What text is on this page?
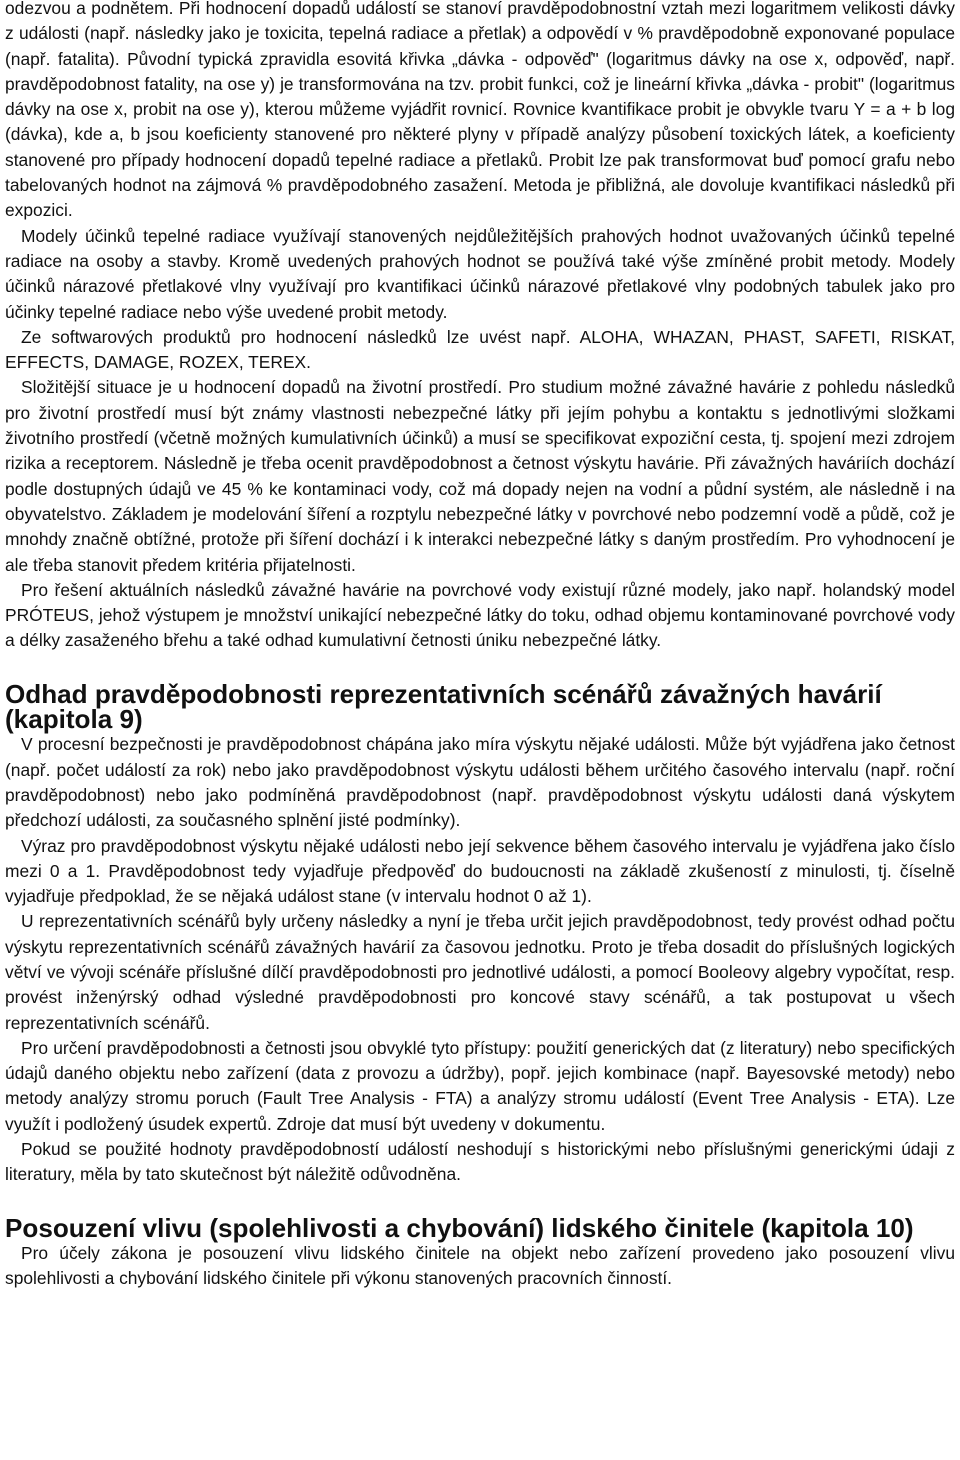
odezvou a podnětem. Při hodnocení dopadů událostí se stanoví pravděpodobnostní vztah mezi logaritmem velikosti dávky z události (např. následky jako je toxicita, tepelná radiace a přetlak) a odpovědí v % pravděpodobně exponované populace (např. fatalita). Původní typická zpravidla esovitá křivka „dávka - odpověď" (logaritmus dávky na ose x, odpověď, např. pravděpodobnost fatality, na ose y) je transformována na tzv. probit funkci, což je lineární křivka „dávka - probit" (logaritmus dávky na ose x, probit na ose y), kterou můžeme vyjádřit rovnicí. Rovnice kvantifikace probit je obvykle tvaru Y = a + b log (dávka), kde a, b jsou koeficienty stanovené pro některé plyny v případě analýzy působení toxických látek, a koeficienty stanovené pro případy hodnocení dopadů tepelné radiace a přetlaků. Probit lze pak transformovat buď pomocí grafu nebo tabelovaných hodnot na zájmová % pravděpodobného zasažení. Metoda je přibližná, ale dovoluje kvantifikaci následků při expozici.

Modely účinků tepelné radiace využívají stanovených nejdůležitějších prahových hodnot uvažovaných účinků tepelné radiace na osoby a stavby. Kromě uvedených prahových hodnot se používá také výše zmíněné probit metody. Modely účinků nárazové přetlakové vlny využívají pro kvantifikaci účinků nárazové přetlakové vlny podobných tabulek jako pro účinky tepelné radiace nebo výše uvedené probit metody.

Ze softwarových produktů pro hodnocení následků lze uvést např. ALOHA, WHAZAN, PHAST, SAFETI, RISKAT, EFFECTS, DAMAGE, ROZEX, TEREX.

Složitější situace je u hodnocení dopadů na životní prostředí. Pro studium možné závažné havárie z pohledu následků pro životní prostředí musí být známy vlastnosti nebezpečné látky při jejím pohybu a kontaktu s jednotlivými složkami životního prostředí (včetně možných kumulativních účinků) a musí se specifikovat expoziční cesta, tj. spojení mezi zdrojem rizika a receptorem. Následně je třeba ocenit pravděpodobnost a četnost výskytu havárie. Při závažných haváriích dochází podle dostupných údajů ve 45 % ke kontaminaci vody, což má dopady nejen na vodní a půdní systém, ale následně i na obyvatelstvo. Základem je modelování šíření a rozptylu nebezpečné látky v povrchové nebo podzemní vodě a půdě, což je mnohdy značně obtížné, protože při šíření dochází i k interakci nebezpečné látky s daným prostředím. Pro vyhodnocení je ale třeba stanovit předem kritéria přijatelnosti.

Pro řešení aktuálních následků závažné havárie na povrchové vody existují různé modely, jako např. holandský model PRÓTEUS, jehož výstupem je množství unikající nebezpečné látky do toku, odhad objemu kontaminované povrchové vody a délky zasaženého břehu a také odhad kumulativní četnosti úniku nebezpečné látky.

Odhad pravděpodobnosti reprezentativních scénářů závažných havárií (kapitola 9)

V procesní bezpečnosti je pravděpodobnost chápána jako míra výskytu nějaké události. Může být vyjádřena jako četnost (např. počet událostí za rok) nebo jako pravděpodobnost výskytu události během určitého časového intervalu (např. roční pravděpodobnost) nebo jako podmíněná pravděpodobnost (např. pravděpodobnost výskytu události daná výskytem předchozí události, za současného splnění jisté podmínky).

Výraz pro pravděpodobnost výskytu nějaké události nebo její sekvence během časového intervalu je vyjádřena jako číslo mezi 0 a 1. Pravděpodobnost tedy vyjadřuje předpověď do budoucnosti na základě zkušeností z minulosti, tj. číselně vyjadřuje předpoklad, že se nějaká událost stane (v intervalu hodnot 0 až 1).

U reprezentativních scénářů byly určeny následky a nyní je třeba určit jejich pravděpodobnost, tedy provést odhad počtu výskytu reprezentativních scénářů závažných havárií za časovou jednotku. Proto je třeba dosadit do příslušných logických větví ve vývoji scénáře příslušné dílčí pravděpodobnosti pro jednotlivé události, a pomocí Booleovy algebry vypočítat, resp. provést inženýrský odhad výsledné pravděpodobnosti pro koncové stavy scénářů, a tak postupovat u všech reprezentativních scénářů.

Pro určení pravděpodobnosti a četnosti jsou obvyklé tyto přístupy: použití generických dat (z literatury) nebo specifických údajů daného objektu nebo zařízení (data z provozu a údržby), popř. jejich kombinace (např. Bayesovské metody) nebo metody analýzy stromu poruch (Fault Tree Analysis - FTA) a analýzy stromu událostí (Event Tree Analysis - ETA). Lze využít i podložený úsudek expertů. Zdroje dat musí být uvedeny v dokumentu.

Pokud se použité hodnoty pravděpodobností událostí neshodují s historickými nebo příslušnými generickými údaji z literatury, měla by tato skutečnost být náležitě odůvodněna.

Posouzení vlivu (spolehlivosti a chybování) lidského činitele (kapitola 10)

Pro účely zákona je posouzení vlivu lidského činitele na objekt nebo zařízení provedeno jako posouzení vlivu spolehlivosti a chybování lidského činitele při výkonu stanovených pracovních činností.
